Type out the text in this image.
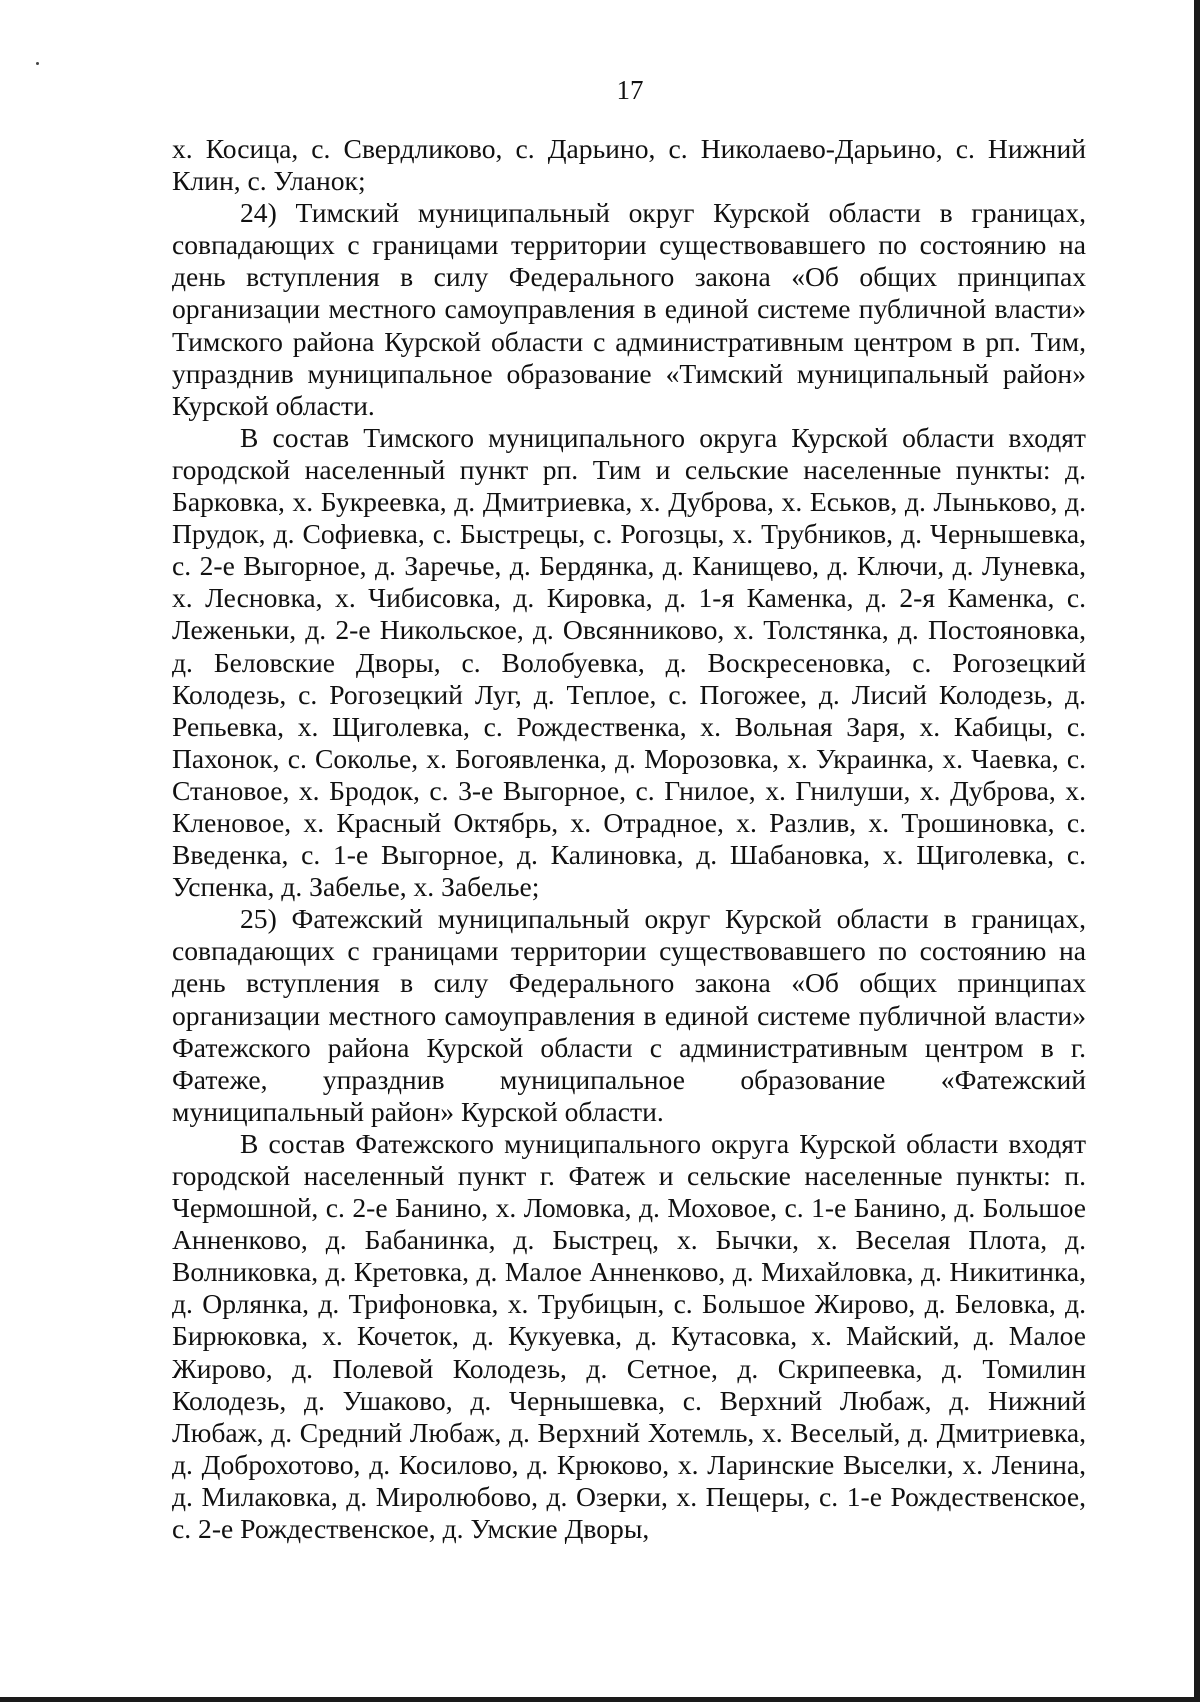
17

х. Косица, с. Свердликово, с. Дарьино, с. Николаево-Дарьино, с. Нижний Клин, с. Уланок;

24) Тимский муниципальный округ Курской области в границах, совпадающих с границами территории существовавшего по состоянию на день вступления в силу Федерального закона «Об общих принципах организации местного самоуправления в единой системе публичной власти» Тимского района Курской области с административным центром в рп. Тим, упразднив муниципальное образование «Тимский муниципальный район» Курской области.

В состав Тимского муниципального округа Курской области входят городской населенный пункт рп. Тим и сельские населенные пункты: д. Барковка, х. Букреевка, д. Дмитриевка, х. Дуброва, х. Еськов, д. Лыньково, д. Прудок, д. Софиевка, с. Быстрецы, с. Рогозцы, х. Трубников, д. Чернышевка, с. 2-е Выгорное, д. Заречье, д. Бердянка, д. Канищево, д. Ключи, д. Луневка, х. Лесновка, х. Чибисовка, д. Кировка, д. 1-я Каменка, д. 2-я Каменка, с. Леженьки, д. 2-е Никольское, д. Овсянниково, х. Толстянка, д. Постояновка, д. Беловские Дворы, с. Волобуевка, д. Воскресеновка, с. Рогозецкий Колодезь, с. Рогозецкий Луг, д. Теплое, с. Погожее, д. Лисий Колодезь, д. Репьевка, х. Щиголевка, с. Рождественка, х. Вольная Заря, х. Кабицы, с. Пахонок, с. Соколье, х. Богоявленка, д. Морозовка, х. Украинка, х. Чаевка, с. Становое, х. Бродок, с. 3-е Выгорное, с. Гнилое, х. Гнилуши, х. Дуброва, х. Кленовое, х. Красный Октябрь, х. Отрадное, х. Разлив, х. Трошиновка, с. Введенка, с. 1-е Выгорное, д. Калиновка, д. Шабановка, х. Щиголевка, с. Успенка, д. Забелье, х. Забелье;

25) Фатежский муниципальный округ Курской области в границах, совпадающих с границами территории существовавшего по состоянию на день вступления в силу Федерального закона «Об общих принципах организации местного самоуправления в единой системе публичной власти» Фатежского района Курской области с административным центром в г. Фатеже, упразднив муниципальное образование «Фатежский муниципальный район» Курской области.

В состав Фатежского муниципального округа Курской области входят городской населенный пункт г. Фатеж и сельские населенные пункты: п. Чермошной, с. 2-е Банино, х. Ломовка, д. Моховое, с. 1-е Банино, д. Большое Анненково, д. Бабанинка, д. Быстрец, х. Бычки, х. Веселая Плота, д. Волниковка, д. Кретовка, д. Малое Анненково, д. Михайловка, д. Никитинка, д. Орлянка, д. Трифоновка, х. Трубицын, с. Большое Жирово, д. Беловка, д. Бирюковка, х. Кочеток, д. Кукуевка, д. Кутасовка, х. Майский, д. Малое Жирово, д. Полевой Колодезь, д. Сетное, д. Скрипеевка, д. Томилин Колодезь, д. Ушаково, д. Чернышевка, с. Верхний Любаж, д. Нижний Любаж, д. Средний Любаж, д. Верхний Хотемль, х. Веселый, д. Дмитриевка, д. Доброхотово, д. Косилово, д. Крюково, х. Ларинские Выселки, х. Ленина, д. Милаковка, д. Миролюбово, д. Озерки, х. Пещеры, с. 1-е Рождественское, с. 2-е Рождественское, д. Умские Дворы,
